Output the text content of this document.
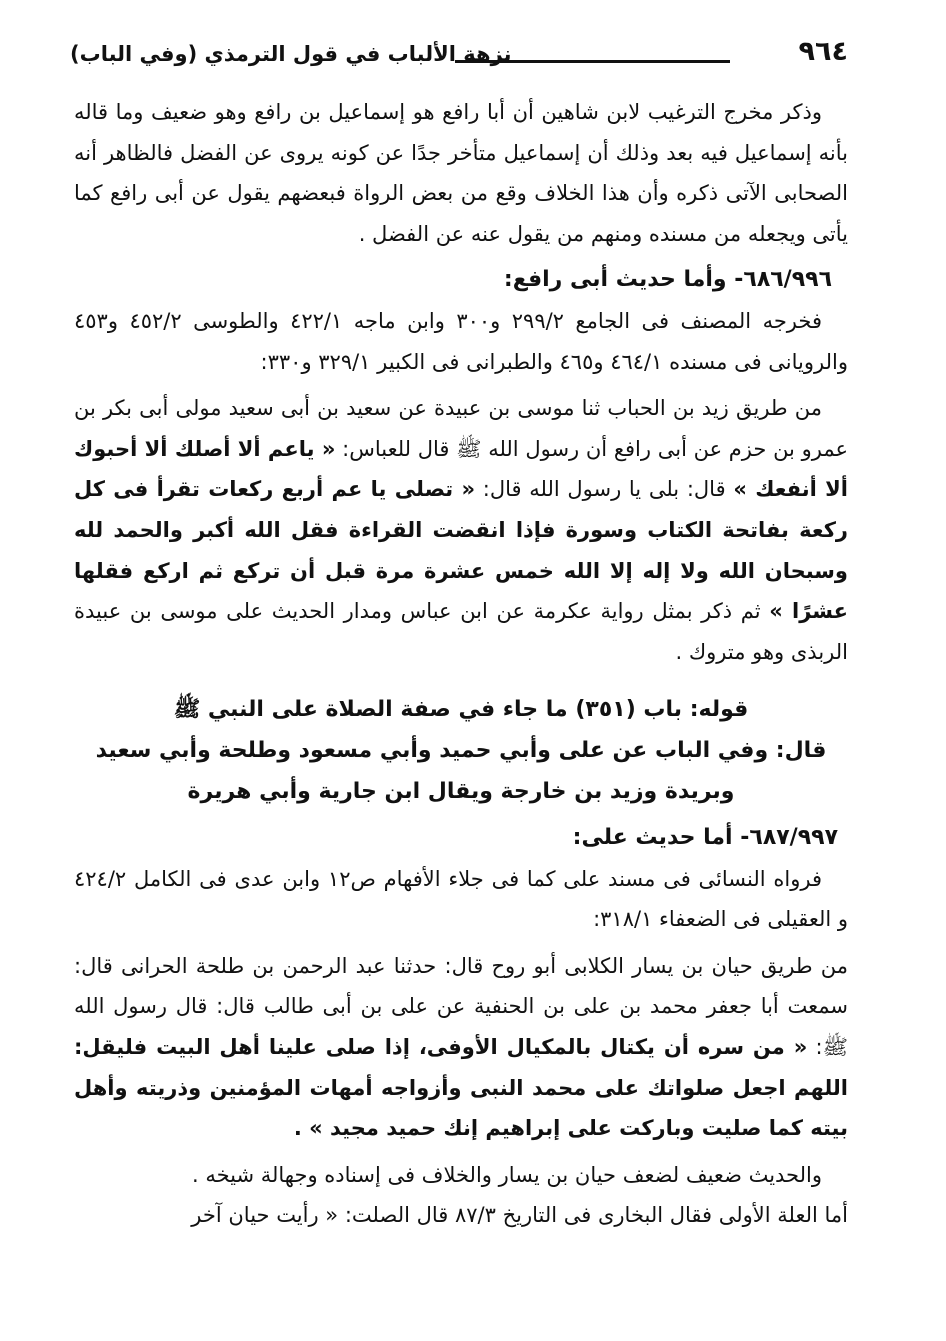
٩٦٤
نزهة الألباب في قول الترمذي (وفي الباب)

وذكر مخرج الترغيب لابن شاهين أن أبا رافع هو إسماعيل بن رافع وهو ضعيف وما قاله بأنه إسماعيل فيه بعد وذلك أن إسماعيل متأخر جدًا عن كونه يروى عن الفضل فالظاهر أنه الصحابى الآتى ذكره وأن هذا الخلاف وقع من بعض الرواة فبعضهم يقول عن أبى رافع كما يأتى ويجعله من مسنده ومنهم من يقول عنه عن الفضل .

٦٨٦/٩٩٦- وأما حديث أبى رافع:

فخرجه المصنف فى الجامع ٢٩٩/٢ و٣٠٠ وابن ماجه ٤٢٢/١ والطوسى ٤٥٢/٢ و٤٥٣ والرويانى فى مسنده ٤٦٤/١ و٤٦٥ والطبرانى فى الكبير ٣٢٩/١ و٣٣٠:

من طريق زيد بن الحباب ثنا موسى بن عبيدة عن سعيد بن أبى سعيد مولى أبى بكر بن عمرو بن حزم عن أبى رافع أن رسول الله ﷺ قال للعباس: « ياعم ألا أصلك ألا أحبوك ألا أنفعك » قال: بلى يا رسول الله قال: « تصلى يا عم أربع ركعات تقرأ فى كل ركعة بفاتحة الكتاب وسورة فإذا انقضت القراءة فقل الله أكبر والحمد لله وسبحان الله ولا إله إلا الله خمس عشرة مرة قبل أن تركع ثم اركع فقلها عشرًا » ثم ذكر بمثل رواية عكرمة عن ابن عباس ومدار الحديث على موسى بن عبيدة الربذى وهو متروك .

قوله: باب (٣٥١) ما جاء في صفة الصلاة على النبي ﷺ

قال: وفي الباب عن على وأبي حميد وأبي مسعود وطلحة وأبي سعيد وبريدة وزيد بن خارجة ويقال ابن جارية وأبي هريرة

٦٨٧/٩٩٧- أما حديث على:

فرواه النسائى فى مسند على كما فى جلاء الأفهام ص١٢ وابن عدى فى الكامل ٤٢٤/٢ و العقيلى فى الضعفاء ٣١٨/١:

من طريق حيان بن يسار الكلابى أبو روح قال: حدثنا عبد الرحمن بن طلحة الحرانى قال: سمعت أبا جعفر محمد بن على بن الحنفية عن على بن أبى طالب قال: قال رسول الله ﷺ: « من سره أن يكتال بالمكيال الأوفى، إذا صلى علينا أهل البيت فليقل: اللهم اجعل صلواتك على محمد النبى وأزواجه أمهات المؤمنين وذريته وأهل بيته كما صليت وباركت على إبراهيم إنك حميد مجيد » .

والحديث ضعيف لضعف حيان بن يسار والخلاف فى إسناده وجهالة شيخه .

أما العلة الأولى فقال البخارى فى التاريخ ٨٧/٣ قال الصلت: « رأيت حيان آخر
